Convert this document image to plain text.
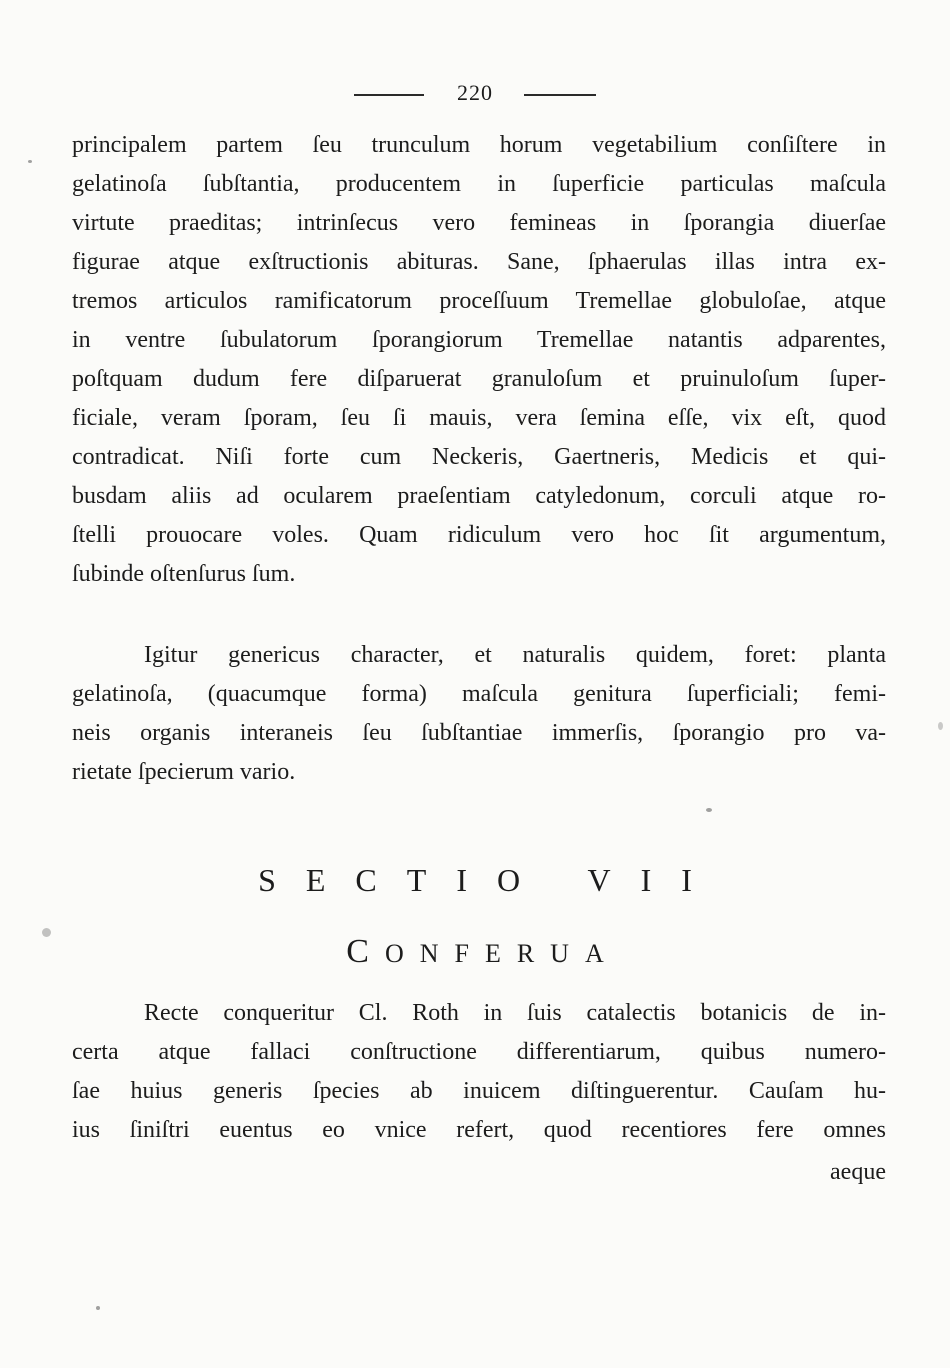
220
principalem partem ſeu trunculum horum vegetabilium conſiſtere in
gelatinoſa ſubſtantia, producentem in ſuperficie particulas maſcula
virtute praeditas; intrinſecus vero femineas in ſporangia diuerſae
figurae atque exſtructionis abituras. Sane, ſphaerulas illas intra ex-
tremos articulos ramificatorum proceſſuum Tremellae globuloſae, atque
in ventre ſubulatorum ſporangiorum Tremellae natantis adparentes,
poſtquam dudum fere diſparuerat granuloſum et pruinuloſum ſuper-
ficiale, veram ſporam, ſeu ſi mauis, vera ſemina eſſe, vix eſt, quod
contradicat. Niſi forte cum Neckeris, Gaertneris, Medicis et qui-
busdam aliis ad ocularem praeſentiam catyledonum, corculi atque ro-
ſtelli prouocare voles. Quam ridiculum vero hoc ſit argumentum,
ſubinde oſtenſurus ſum.
Igitur genericus character, et naturalis quidem, foret: planta
gelatinoſa, (quacumque forma) maſcula genitura ſuperficiali; femi-
neis organis interaneis ſeu ſubſtantiae immerſis, ſporangio pro va-
rietate ſpecierum vario.
SECTIO VII
CONFERUA
Recte conqueritur Cl. Roth in ſuis catalectis botanicis de in-
certa atque fallaci conſtructione differentiarum, quibus numero-
ſae huius generis ſpecies ab inuicem diſtinguerentur. Cauſam hu-
ius ſiniſtri euentus eo vnice refert, quod recentiores fere omnes
aeque
